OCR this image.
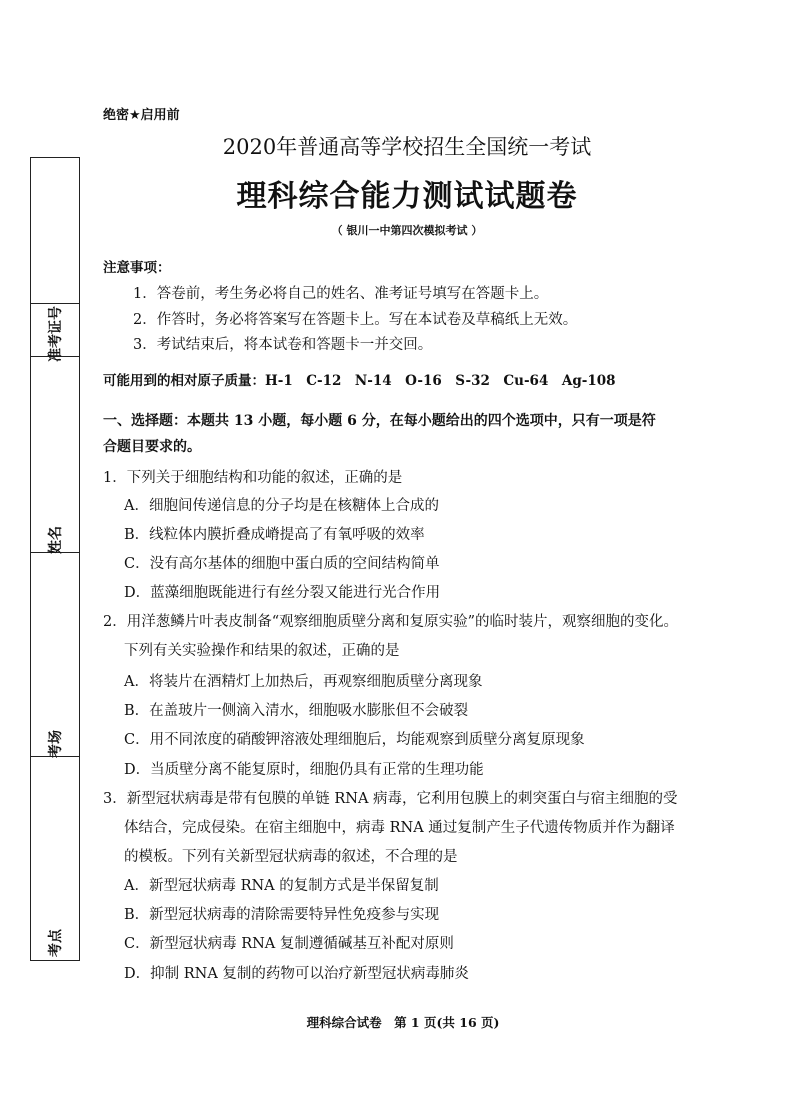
绝密★启用前
2020年普通高等学校招生全国统一考试
理科综合能力测试试题卷
（ 银川一中第四次模拟考试 ）
准考证号
姓名
考场
考点
注意事项：
1．答卷前，考生务必将自己的姓名、准考证号填写在答题卡上。
2．作答时，务必将答案写在答题卡上。写在本试卷及草稿纸上无效。
3．考试结束后，将本试卷和答题卡一并交回。
可能用到的相对原子质量：H-1　C-12　N-14　O-16　S-32　Cu-64　Ag-108
一、选择题：本题共 13 小题，每小题 6 分，在每小题给出的四个选项中，只有一项是符
合题目要求的。
1．下列关于细胞结构和功能的叙述，正确的是
A．细胞间传递信息的分子均是在核糖体上合成的
B．线粒体内膜折叠成嵴提高了有氧呼吸的效率
C．没有高尔基体的细胞中蛋白质的空间结构简单
D．蓝藻细胞既能进行有丝分裂又能进行光合作用
2．用洋葱鳞片叶表皮制备“观察细胞质壁分离和复原实验”的临时装片，观察细胞的变化。
下列有关实验操作和结果的叙述，正确的是
A．将装片在酒精灯上加热后，再观察细胞质壁分离现象
B．在盖玻片一侧滴入清水，细胞吸水膨胀但不会破裂
C．用不同浓度的硝酸钾溶液处理细胞后，均能观察到质壁分离复原现象
D．当质壁分离不能复原时，细胞仍具有正常的生理功能
3．新型冠状病毒是带有包膜的单链 RNA 病毒，它利用包膜上的刺突蛋白与宿主细胞的受
体结合，完成侵染。在宿主细胞中，病毒 RNA 通过复制产生子代遗传物质并作为翻译
的模板。下列有关新型冠状病毒的叙述，不合理的是
A．新型冠状病毒 RNA 的复制方式是半保留复制
B．新型冠状病毒的清除需要特异性免疫参与实现
C．新型冠状病毒 RNA 复制遵循碱基互补配对原则
D．抑制 RNA 复制的药物可以治疗新型冠状病毒肺炎
理科综合试卷　第 1 页(共 16 页)
